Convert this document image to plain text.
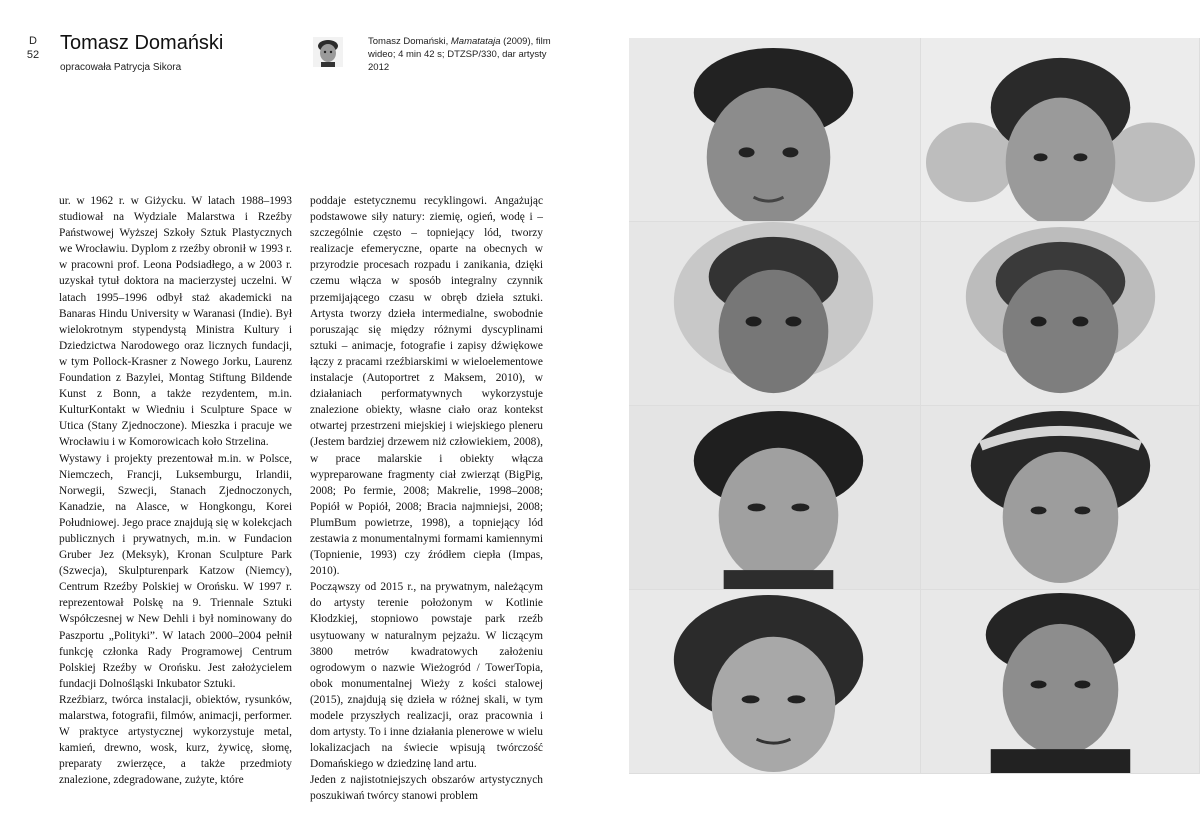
D
52
Tomasz Domański
opracowała Patrycja Sikora
Tomasz Domański, Mamatataja (2009), film wideo; 4 min 42 s; DTZSP/330, dar artysty 2012

ur. w 1962 r. w Giżycku. W latach 1988–1993 studiował na Wydziale Malarstwa i Rzeźby Państwowej Wyższej Szkoły Sztuk Plastycznych we Wrocławiu. Dyplom z rzeźby obronił w 1993 r. w pracowni prof. Leona Podsiadłego, a w 2003 r. uzyskał tytuł doktora na macierzystej uczelni. W latach 1995–1996 odbył staż akademicki na Banaras Hindu University w Waranasi (Indie). Był wielokrotnym stypendystą Ministra Kultury i Dziedzictwa Narodowego oraz licznych fundacji, w tym Pollock-Krasner z Nowego Jorku, Laurenz Foundation z Bazylei, Montag Stiftung Bildende Kunst z Bonn, a także rezydentem, m.in. KulturKontakt w Wiedniu i Sculpture Space w Utica (Stany Zjednoczone). Mieszka i pracuje we Wrocławiu i w Komorowicach koło Strzelina.

Wystawy i projekty prezentował m.in. w Polsce, Niemczech, Francji, Luksemburgu, Irlandii, Norwegii, Szwecji, Stanach Zjednoczonych, Kanadzie, na Alasce, w Hongkongu, Korei Południowej. Jego prace znajdują się w kolekcjach publicznych i prywatnych, m.in. w Fundacion Gruber Jez (Meksyk), Kronan Sculpture Park (Szwecja), Skulpturenpark Katzow (Niemcy), Centrum Rzeźby Polskiej w Orońsku. W 1997 r. reprezentował Polskę na 9. Triennale Sztuki Współczesnej w New Dehli i był nominowany do Paszportu „Polityki”. W latach 2000–2004 pełnił funkcję członka Rady Programowej Centrum Polskiej Rzeźby w Orońsku. Jest założycielem fundacji Dolnośląski Inkubator Sztuki.

Rzeźbiarz, twórca instalacji, obiektów, rysunków, malarstwa, fotografii, filmów, animacji, performer. W praktyce artystycznej wykorzystuje metal, kamień, drewno, wosk, kurz, żywicę, słomę, preparaty zwierzęce, a także przedmioty znalezione, zdegradowane, zużyte, które

poddaje estetycznemu recyklingowi. Angażując podstawowe siły natury: ziemię, ogień, wodę i – szczególnie często – topniejący lód, tworzy realizacje efemeryczne, oparte na obecnych w przyrodzie procesach rozpadu i zanikania, dzięki czemu włącza w sposób integralny czynnik przemijającego czasu w obręb dzieła sztuki. Artysta tworzy dzieła intermedialne, swobodnie poruszając się między różnymi dyscyplinami sztuki – animacje, fotografie i zapisy dźwiękowe łączy z pracami rzeźbiarskimi w wieloelementowe instalacje (Autoportret z Maksem, 2010), w działaniach performatywnych wykorzystuje znalezione obiekty, własne ciało oraz kontekst otwartej przestrzeni miejskiej i wiejskiego pleneru (Jestem bardziej drzewem niż człowiekiem, 2008), w prace malarskie i obiekty włącza wypreparowane fragmenty ciał zwierząt (BigPig, 2008; Po fermie, 2008; Makrelie, 1998–2008; Popiół w Popiół, 2008; Bracia najmniejsi, 2008; PlumBum powietrze, 1998), a topniejący lód zestawia z monumentalnymi formami kamiennymi (Topnienie, 1993) czy źródłem ciepła (Impas, 2010).

Począwszy od 2015 r., na prywatnym, należącym do artysty terenie położonym w Kotlinie Kłodzkiej, stopniowo powstaje park rzeźb usytuowany w naturalnym pejzażu. W liczącym 3800 metrów kwadratowych założeniu ogrodowym o nazwie Wieżogród / TowerTopia, obok monumentalnej Wieży z kości stalowej (2015), znajdują się dzieła w różnej skali, w tym modele przyszłych realizacji, oraz pracownia i dom artysty. To i inne działania plenerowe w wielu lokalizacjach na świecie wpisują twórczość Domańskiego w dziedzinę land artu.

Jeden z najistotniejszych obszarów artystycznych poszukiwań twórcy stanowi problem
